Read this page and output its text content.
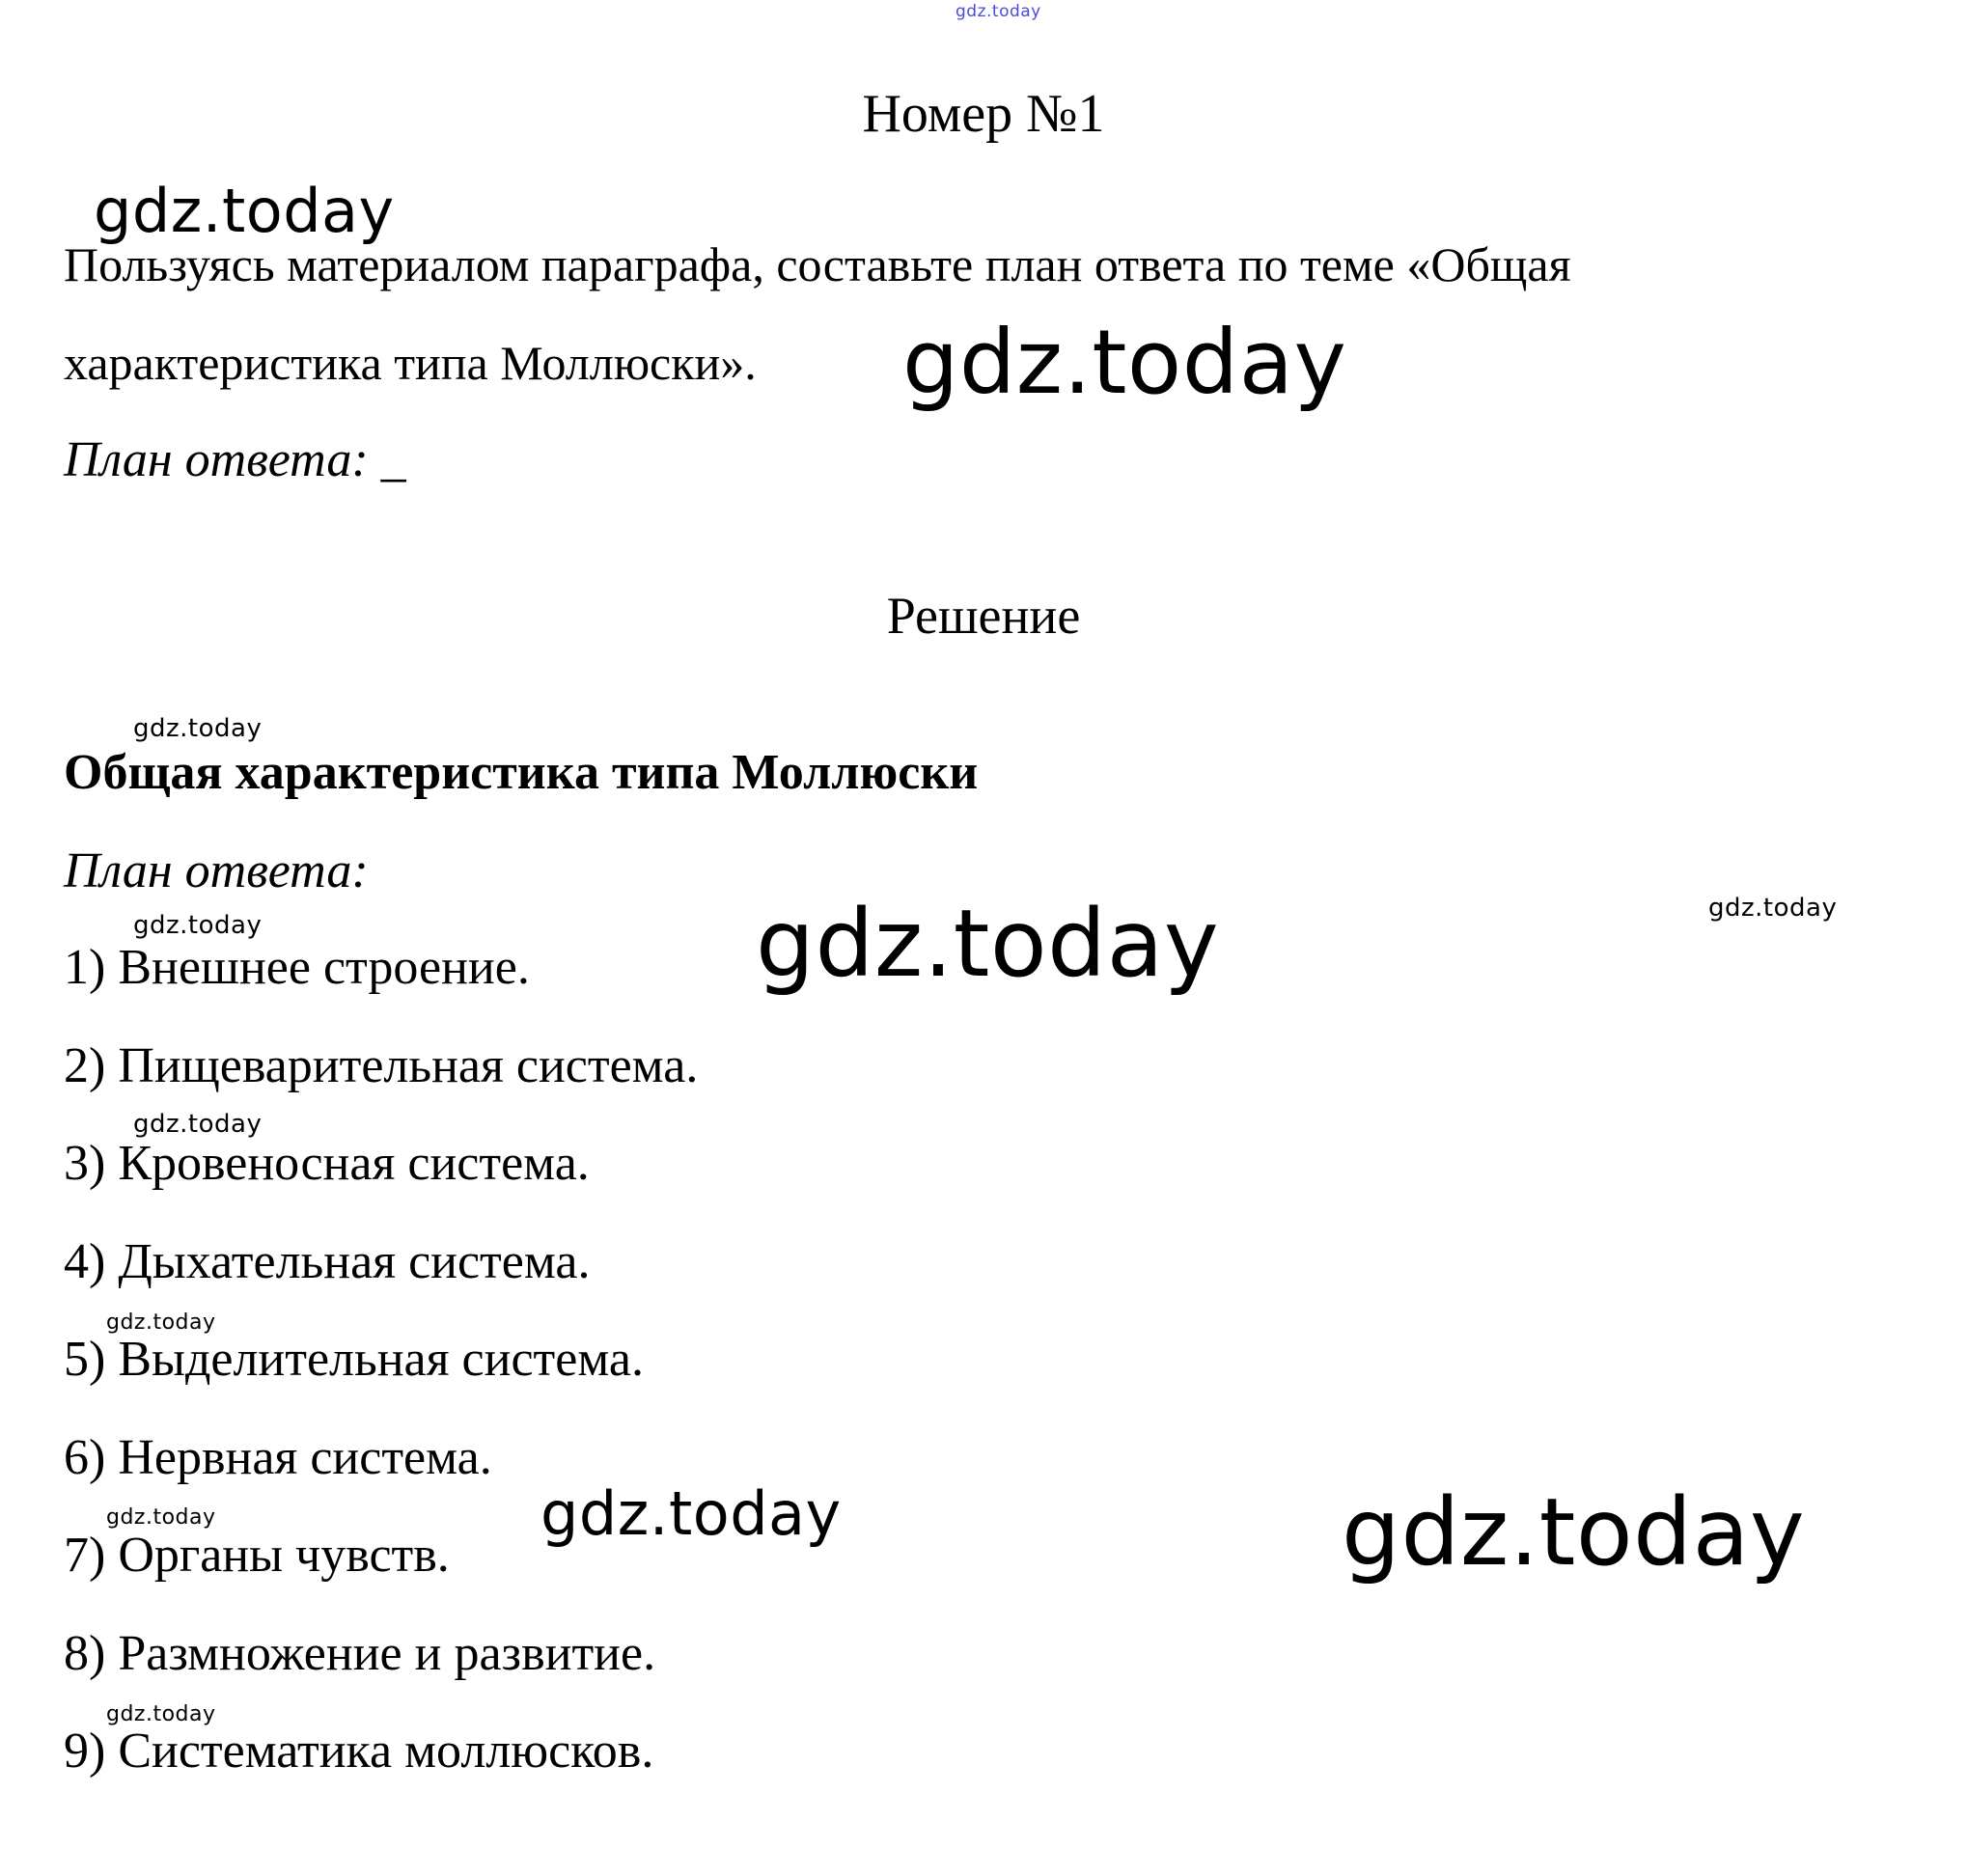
gdz.today
gdz.today
gdz.today
gdz.today
gdz.today	gdz.today
gdz.today
gdz.today
gdz.today
gdz.today	gdz.today	gdz.today
gdz.today
Номер №1
Пользуясь материалом параграфа, составьте план ответа по теме «Общая
характеристика типа Моллюски».
План ответа: _
Решение
Общая характеристика типа Моллюски
План ответа:
1) Внешнее строение.
2) Пищеварительная система.
3) Кровеносная система.
4) Дыхательная система.
5) Выделительная система.
6) Нервная система.
7) Органы чувств.
8) Размножение и развитие.
9) Систематика моллюсков.
